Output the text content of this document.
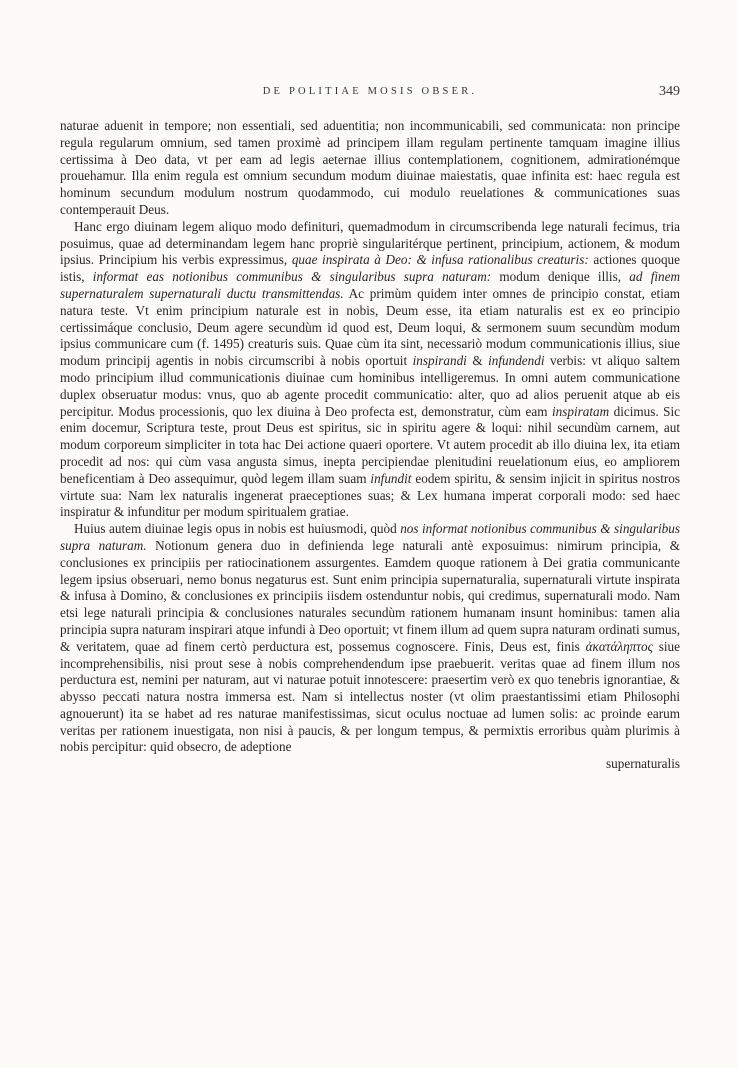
DE POLITIAE MOSIS OBSER.	349

naturae aduenit in tempore; non essentiali, sed aduentitia; non incommunicabili, sed communicata: non principe regula regularum omnium, sed tamen proximè ad principem illam regulam pertinente tamquam imagine illius certissima à Deo data, vt per eam ad legis aeternae illius contemplationem, cognitionem, admirationémque prouehamur. Illa enim regula est omnium secundum modum diuinae maiestatis, quae infinita est: haec regula est hominum secundum modulum nostrum quodammodo, cui modulo reuelationes & communicationes suas contemperauit Deus.

Hanc ergo diuinam legem aliquo modo definituri, quemadmodum in circumscribenda lege naturali fecimus, tria posuimus, quae ad determinandam legem hanc propriè singularitérque pertinent, principium, actionem, & modum ipsius. Principium his verbis expressimus, quae inspirata à Deo: & infusa rationalibus creaturis: actiones quoque istis, informat eas notionibus communibus & singularibus supra naturam: modum denique illis, ad finem supernaturalem supernaturali ductu transmittendas. Ac primùm quidem inter omnes de principio constat, etiam natura teste. Vt enim principium naturale est in nobis, Deum esse, ita etiam naturalis est ex eo principio certissimáque conclusio, Deum agere secundùm id quod est, Deum loqui, & sermonem suum secundùm modum ipsius communicare cum (f. 1495) creaturis suis. Quae cùm ita sint, necessariò modum communicationis illius, siue modum principij agentis in nobis circumscribi à nobis oportuit inspirandi & infundendi verbis: vt aliquo saltem modo principium illud communicationis diuinae cum hominibus intelligeremus. In omni autem communicatione duplex obseruatur modus: vnus, quo ab agente procedit communicatio: alter, quo ad alios peruenit atque ab eis percipitur. Modus processionis, quo lex diuina à Deo profecta est, demonstratur, cùm eam inspiratam dicimus. Sic enim docemur, Scriptura teste, prout Deus est spiritus, sic in spiritu agere & loqui: nihil secundùm carnem, aut modum corporeum simpliciter in tota hac Dei actione quaeri oportere. Vt autem procedit ab illo diuina lex, ita etiam procedit ad nos: qui cùm vasa angusta simus, inepta percipiendae plenitudini reuelationum eius, eo ampliorem beneficentiam à Deo assequimur, quòd legem illam suam infundit eodem spiritu, & sensim injicit in spiritus nostros virtute sua: Nam lex naturalis ingenerat praeceptiones suas; & Lex humana imperat corporali modo: sed haec inspiratur & infunditur per modum spiritualem gratiae.

Huius autem diuinae legis opus in nobis est huiusmodi, quòd nos informat notionibus communibus & singularibus supra naturam. Notionum genera duo in definienda lege naturali antè exposuimus: nimirum principia, & conclusiones ex principiis per ratiocinationem assurgentes. Eamdem quoque rationem à Dei gratia communicante legem ipsius obseruari, nemo bonus negaturus est. Sunt enim principia supernaturalia, supernaturali virtute inspirata & infusa à Domino, & conclusiones ex principiis iisdem ostenduntur nobis, qui credimus, supernaturali modo. Nam etsi lege naturali principia & conclusiones naturales secundùm rationem humanam insunt hominibus: tamen alia principia supra naturam inspirari atque infundi à Deo oportuit; vt finem illum ad quem supra naturam ordinati sumus, & veritatem, quae ad finem certò perductura est, possemus cognoscere. Finis, Deus est, finis ἀκατάληπτος siue incomprehensibilis, nisi prout sese à nobis comprehendendum ipse praebuerit. veritas quae ad finem illum nos perductura est, nemini per naturam, aut vi naturae potuit innotescere: praesertim verò ex quo tenebris ignorantiae, & abysso peccati natura nostra immersa est. Nam si intellectus noster (vt olim praestantissimi etiam Philosophi agnouerunt) ita se habet ad res naturae manifestissimas, sicut oculus noctuae ad lumen solis: ac proinde earum veritas per rationem inuestigata, non nisi à paucis, & per longum tempus, & permixtis erroribus quàm plurimis à nobis percipitur: quid obsecro, de adeptione

supernaturalis
